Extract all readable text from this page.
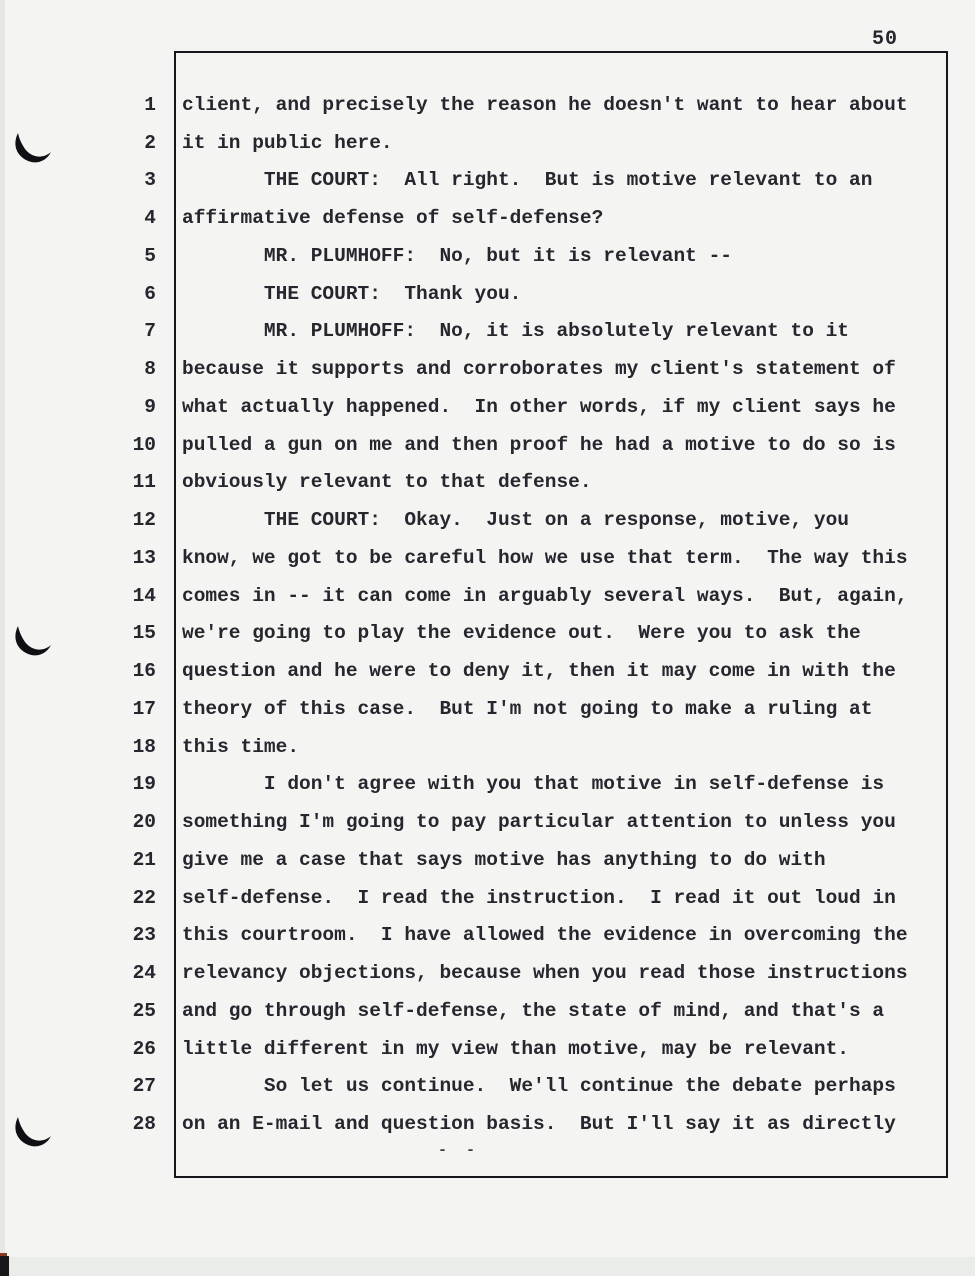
50
1	client, and precisely the reason he doesn't want to hear about
2	it in public here.
3	THE COURT:  All right.  But is motive relevant to an
4	affirmative defense of self-defense?
5	MR. PLUMHOFF:  No, but it is relevant --
6	THE COURT:  Thank you.
7	MR. PLUMHOFF:  No, it is absolutely relevant to it
8	because it supports and corroborates my client's statement of
9	what actually happened.  In other words, if my client says he
10	pulled a gun on me and then proof he had a motive to do so is
11	obviously relevant to that defense.
12	THE COURT:  Okay.  Just on a response, motive, you
13	know, we got to be careful how we use that term.  The way this
14	comes in -- it can come in arguably several ways.  But, again,
15	we're going to play the evidence out.  Were you to ask the
16	question and he were to deny it, then it may come in with the
17	theory of this case.  But I'm not going to make a ruling at
18	this time.
19	I don't agree with you that motive in self-defense is
20	something I'm going to pay particular attention to unless you
21	give me a case that says motive has anything to do with
22	self-defense.  I read the instruction.  I read it out loud in
23	this courtroom.  I have allowed the evidence in overcoming the
24	relevancy objections, because when you read those instructions
25	and go through self-defense, the state of mind, and that's a
26	little different in my view than motive, may be relevant.
27	So let us continue.  We'll continue the debate perhaps
28	on an E-mail and question basis.  But I'll say it as directly
- -
